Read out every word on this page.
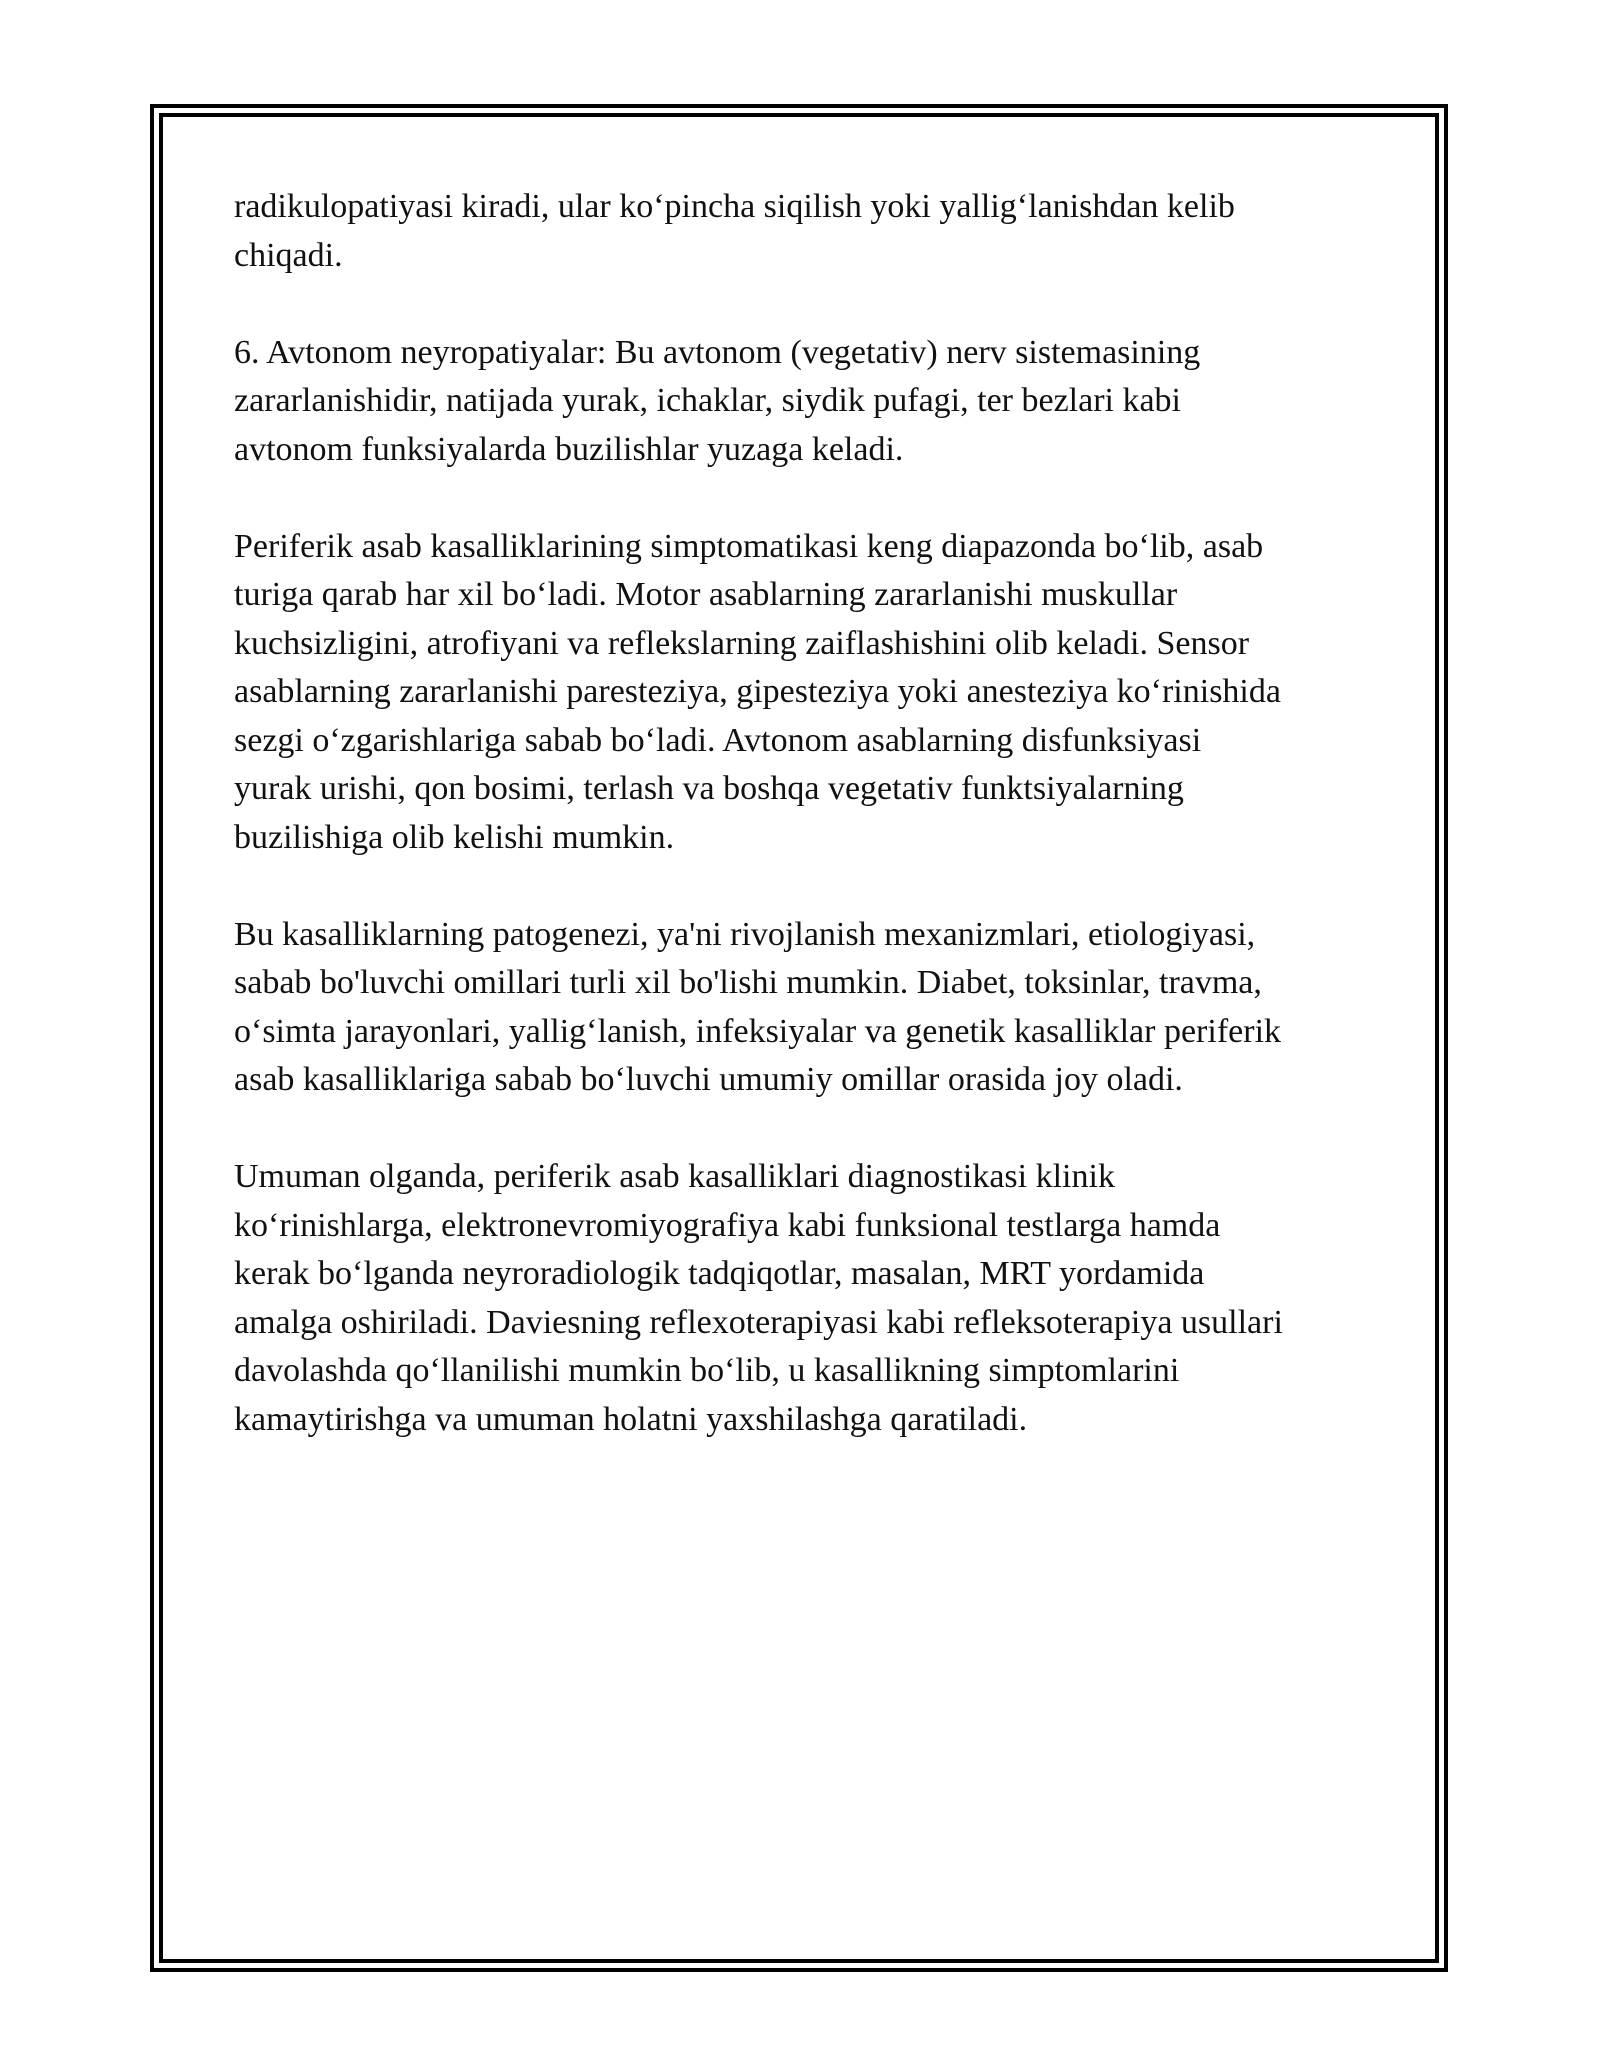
radikulopatiyasi kiradi, ular ko‘pincha siqilish yoki yallig‘lanishdan kelib
chiqadi.

6. Avtonom neyropatiyalar: Bu avtonom (vegetativ) nerv sistemasining
zararlanishidir, natijada yurak, ichaklar, siydik pufagi, ter bezlari kabi
avtonom funksiyalarda buzilishlar yuzaga keladi.

Periferik asab kasalliklarining simptomatikasi keng diapazonda bo‘lib, asab
turiga qarab har xil bo‘ladi. Motor asablarning zararlanishi muskullar
kuchsizligini, atrofiyani va reflekslarning zaiflashishini olib keladi. Sensor
asablarning zararlanishi paresteziya, gipesteziya yoki anesteziya ko‘rinishida
sezgi o‘zgarishlariga sabab bo‘ladi. Avtonom asablarning disfunksiyasi
yurak urishi, qon bosimi, terlash va boshqa vegetativ funktsiyalarning
buzilishiga olib kelishi mumkin.

Bu kasalliklarning patogenezi, ya'ni rivojlanish mexanizmlari, etiologiyasi,
sabab bo'luvchi omillari turli xil bo'lishi mumkin. Diabet, toksinlar, travma,
o‘simta jarayonlari, yallig‘lanish, infeksiyalar va genetik kasalliklar periferik
asab kasalliklariga sabab bo‘luvchi umumiy omillar orasida joy oladi.

Umuman olganda, periferik asab kasalliklari diagnostikasi klinik
ko‘rinishlarga, elektronevromiyografiya kabi funksional testlarga hamda
kerak bo‘lganda neyroradiologik tadqiqotlar, masalan, MRT yordamida
amalga oshiriladi. Daviesning reflexoterapiyasi kabi refleksoterapiya usullari
davolashda qo‘llanilishi mumkin bo‘lib, u kasallikning simptomlarini
kamaytirishga va umuman holatni yaxshilashga qaratiladi.
